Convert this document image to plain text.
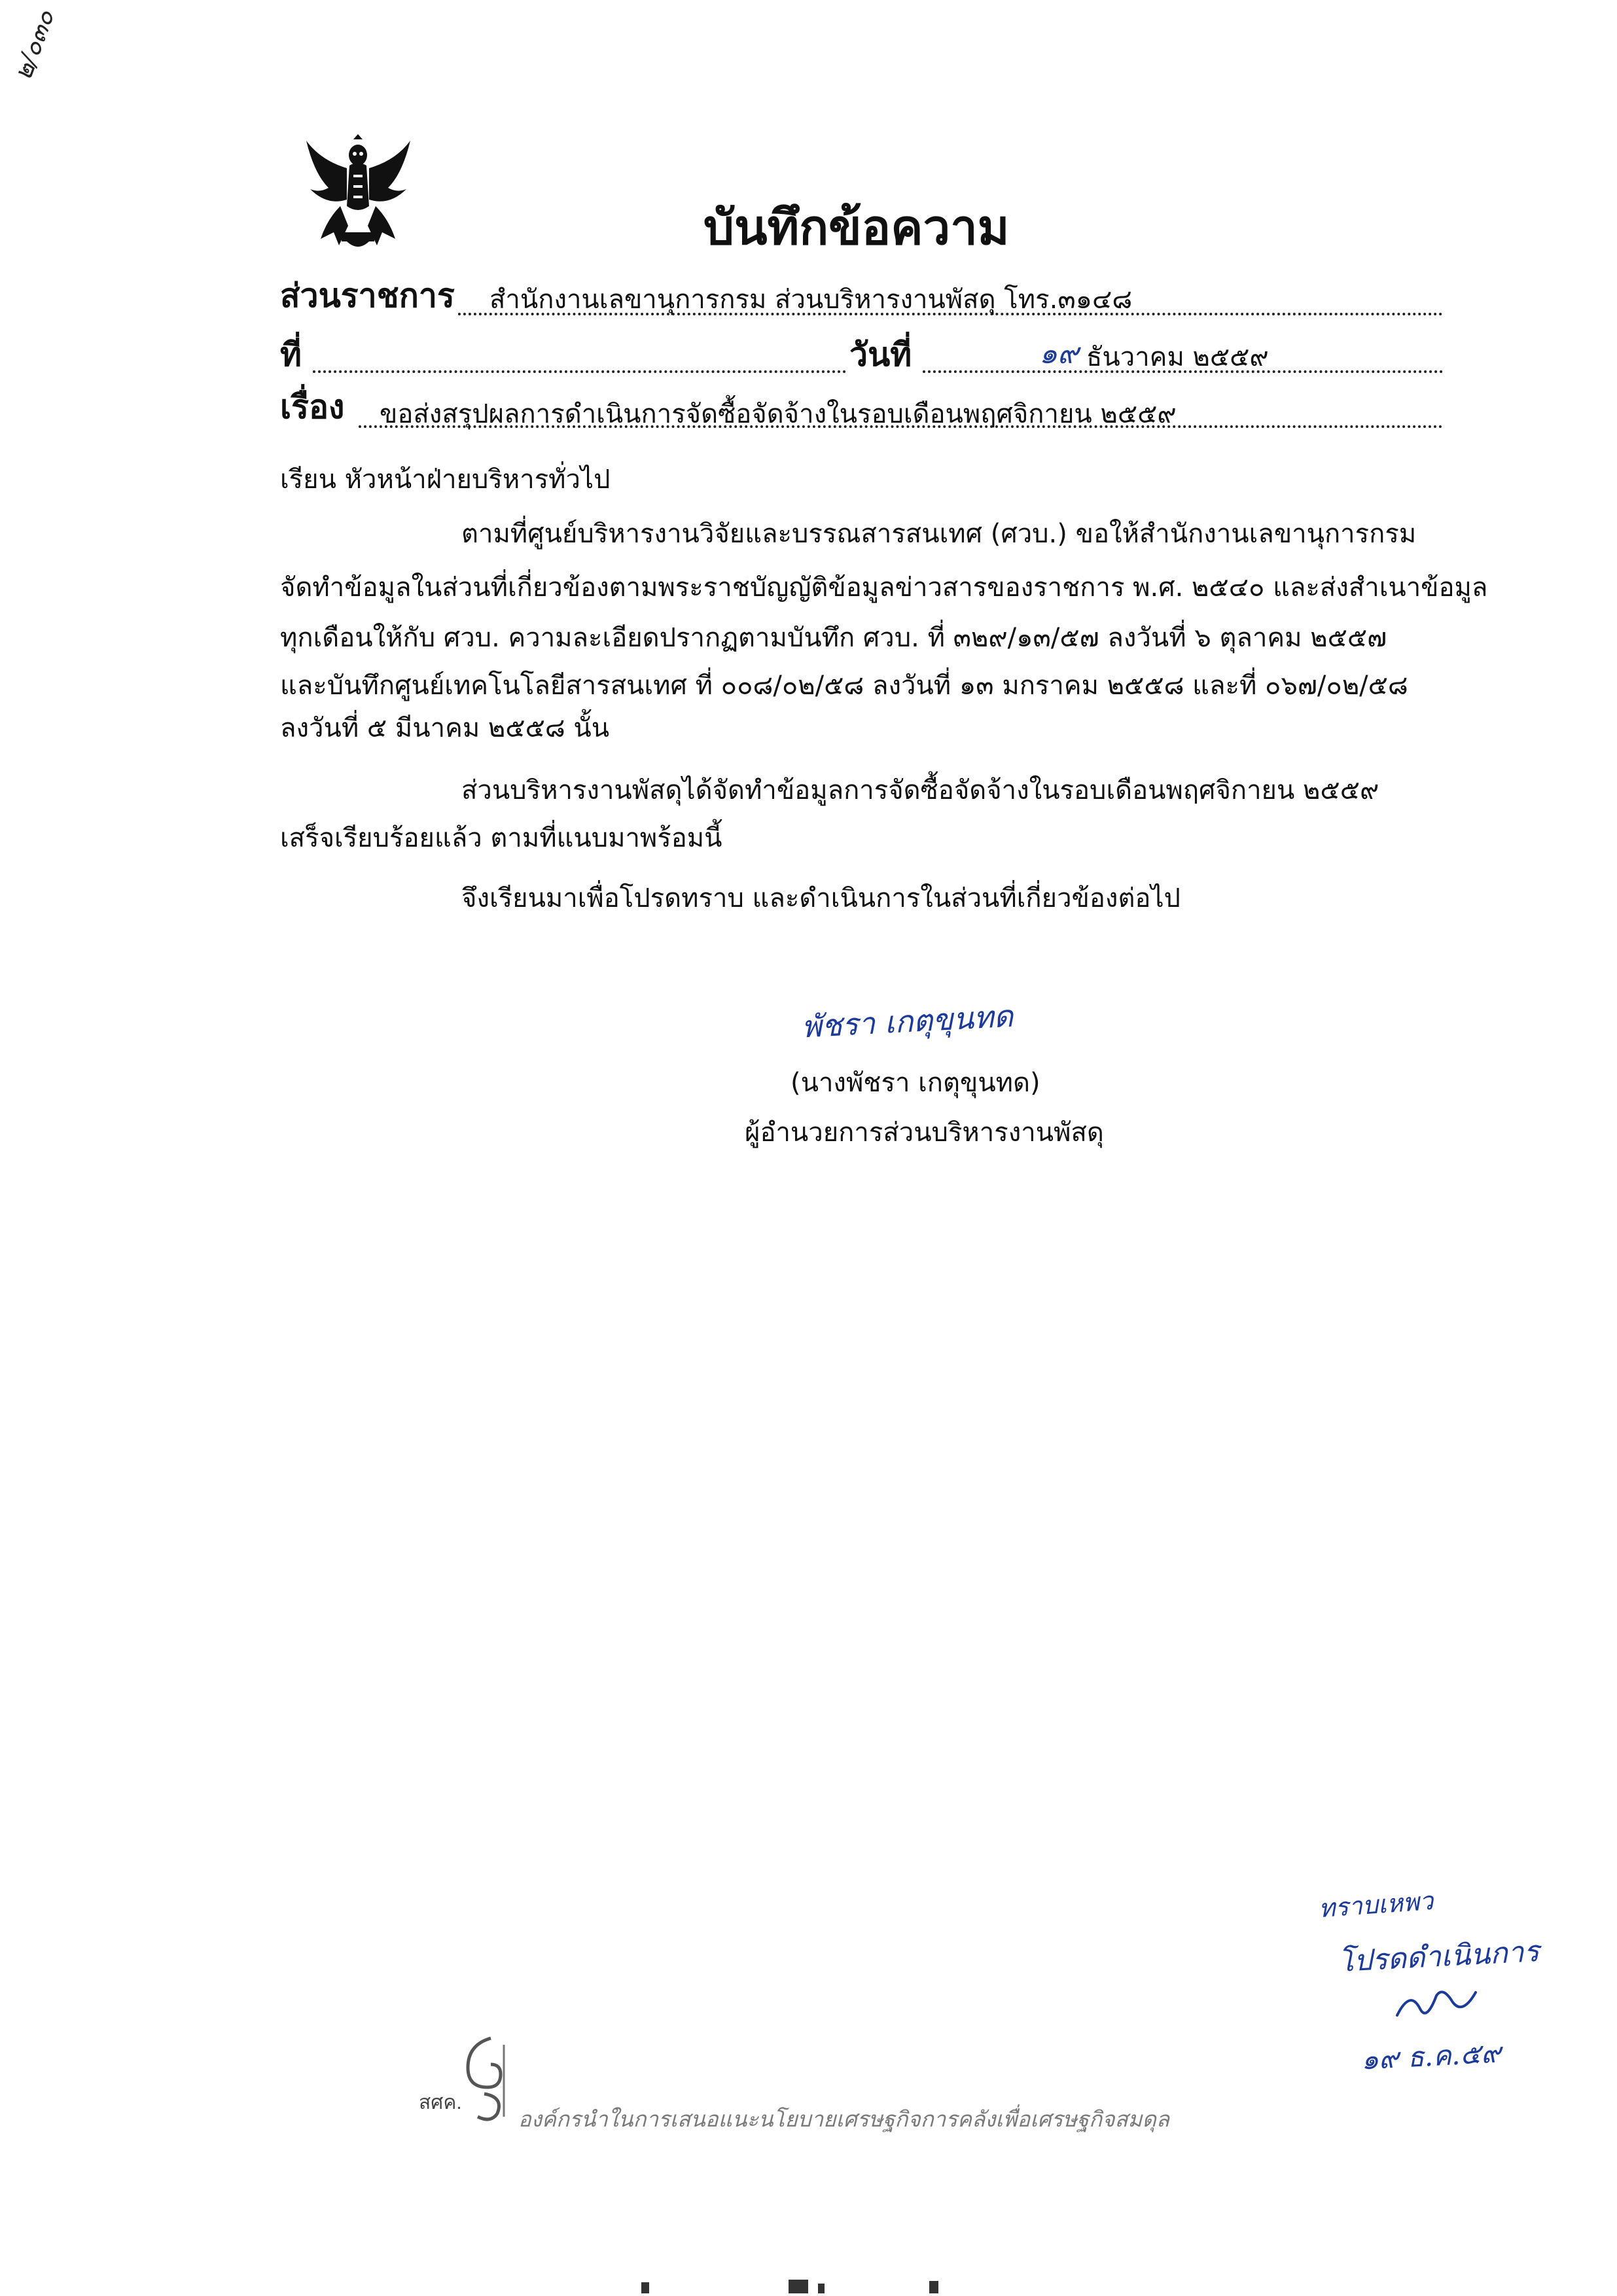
๒/๐๓๐
บันทึกข้อความ
ส่วนราชการ สำนักงานเลขานุการกรม ส่วนบริหารงานพัสดุ โทร.๓๑๔๘
ที่	วันที่	๑๙ ธันวาคม ๒๕๕๙
เรื่อง ขอส่งสรุปผลการดำเนินการจัดซื้อจัดจ้างในรอบเดือนพฤศจิกายน ๒๕๕๙
เรียน หัวหน้าฝ่ายบริหารทั่วไป
ตามที่ศูนย์บริหารงานวิจัยและบรรณสารสนเทศ (ศวบ.) ขอให้สำนักงานเลขานุการกรม
จัดทำข้อมูลในส่วนที่เกี่ยวข้องตามพระราชบัญญัติข้อมูลข่าวสารของราชการ พ.ศ. ๒๕๔๐ และส่งสำเนาข้อมูล
ทุกเดือนให้กับ ศวบ. ความละเอียดปรากฏตามบันทึก ศวบ. ที่ ๓๒๙/๑๓/๕๗ ลงวันที่ ๖ ตุลาคม ๒๕๕๗
และบันทึกศูนย์เทคโนโลยีสารสนเทศ ที่ ๐๐๘/๐๒/๕๘ ลงวันที่ ๑๓ มกราคม ๒๕๕๘ และที่ ๐๖๗/๐๒/๕๘
ลงวันที่ ๕ มีนาคม ๒๕๕๘ นั้น
ส่วนบริหารงานพัสดุได้จัดทำข้อมูลการจัดซื้อจัดจ้างในรอบเดือนพฤศจิกายน ๒๕๕๙
เสร็จเรียบร้อยแล้ว ตามที่แนบมาพร้อมนี้
จึงเรียนมาเพื่อโปรดทราบ และดำเนินการในส่วนที่เกี่ยวข้องต่อไป
พัชรา เกตุขุนทด
(นางพัชรา เกตุขุนทด)
ผู้อำนวยการส่วนบริหารงานพัสดุ
ทราบเหพว
โปรดดำเนินการ
๑๙ ธ.ค.๕๙
สศค.
องค์กรนำในการเสนอแนะนโยบายเศรษฐกิจการคลังเพื่อเศรษฐกิจสมดุล
